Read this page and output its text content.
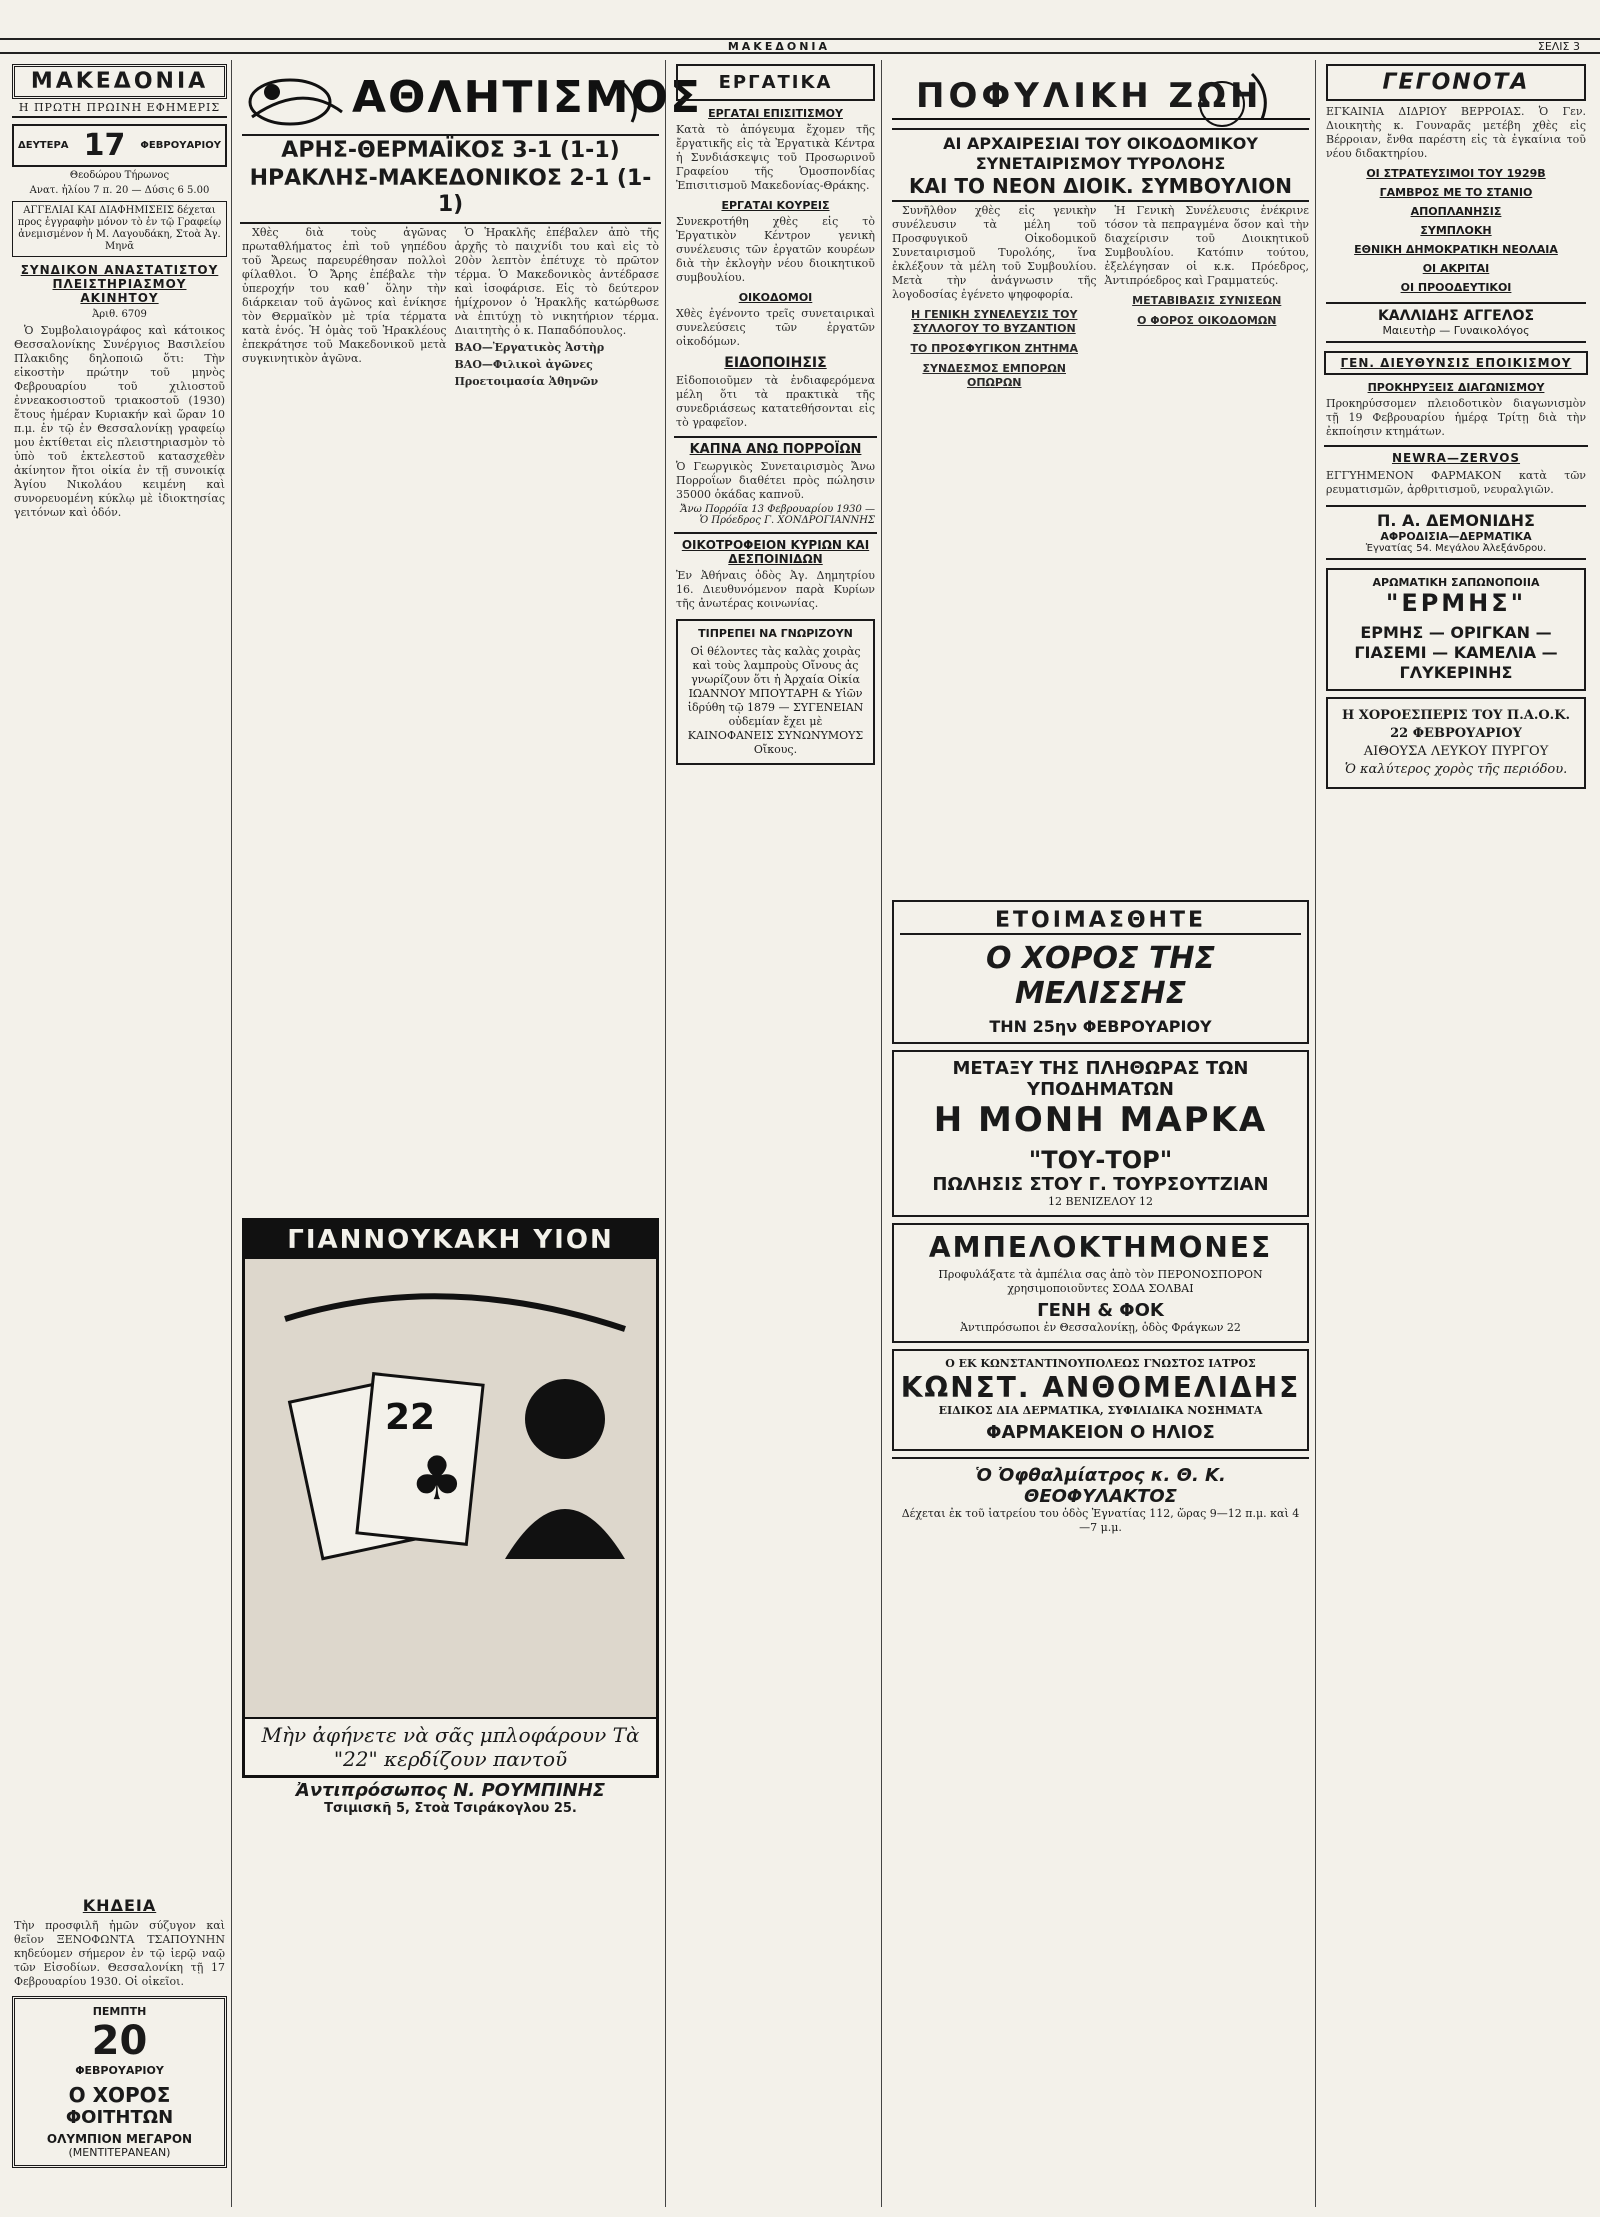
MAKEΔONIA	ΣΕΛΙΣ 3
ΜΑΚΕΔΟΝΙΑ
Η ΠΡΩΤΗ ΠΡΩΙΝΗ ΕΦΗΜΕΡΙΣ
ΔΕΥΤΕΡΑ 17 ΦΕΒΡΟΥΑΡΙΟΥ
Θεοδώρου Τήρωνος
Ανατ. ἡλίου 7 π. 20 — Δύσις 6 5.00
ΑΓΓΕΛΙΑΙ ΚΑΙ ΔΙΑΦΗΜΙΣΕΙΣ δέχεται προς ἐγγραφὴν μόνον τὸ ἐν τῷ Γραφείῳ ἀνεμισμένον ἡ Μ. Λαγουδάκη, Στοὰ Ἀγ. Μηνᾶ
ΣΥΝΔΙΚΟΝ ΑΝΑΣΤΑΤΙΣΤΟΥ ΠΛΕΙΣΤΗΡΙΑΣΜΟΥ ΑΚΙΝΗΤΟΥ
Ἀριθ. 6709

Ὁ Συμβολαιογράφος καὶ κάτοικος Θεσσαλονίκης Συνέργιος Βασιλείου Πλακιδης δηλοποιῶ ὅτι: Τὴν εἰκοστὴν πρώτην τοῦ μηνὸς Φεβρουαρίου τοῦ χιλιοστοῦ ἐννεακοσιοστοῦ τριακοστοῦ (1930) ἔτους ἡμέραν Κυριακήν καὶ ὥραν 10 π.μ. ἐν τῷ ἐν Θεσσαλονίκῃ γραφείῳ μου ἐκτίθεται εἰς πλειστηριασμὸν τὸ ὑπὸ τοῦ ἐκτελεστοῦ κατασχεθὲν ἀκίνητον ἤτοι οἰκία ἐν τῇ συνοικίᾳ Ἀγίου Νικολάου κειμένη καὶ συνορευομένη κύκλῳ μὲ ἰδιοκτησίας γειτόνων καὶ ὁδόν.

ΠΕΜΠΤΗ
20
ΦΕΒΡΟΥΑΡΙΟΥ
Ο ΧΟΡΟΣ
ΦΟΙΤΗΤΩΝ
ΟΛΥΜΠΙΟΝ ΜΕΓΑΡΟΝ
(ΜΕΝΤΙΤΕΡΑΝΕΑΝ)
ΚΗΔΕΙΑ
Τὴν προσφιλῆ ἡμῶν σύζυγον καὶ θεῖον ΞΕΝΟΦΩΝΤΑ ΤΣΑΠΟΥΝΗΝ κηδεύομεν σήμερον ἐν τῷ ἱερῷ ναῷ τῶν Εἰσοδίων. Θεσσαλονίκη τῇ 17 Φεβρουαρίου 1930. Οἱ οἰκεῖοι.
ΑΘΛΗΤΙΣΜΟΣ
ΑΡΗΣ-ΘΕΡΜΑΪΚΟΣ 3-1 (1-1)
ΗΡΑΚΛΗΣ-ΜΑΚΕΔΟΝΙΚΟΣ 2-1 (1-1)

Χθὲς διὰ τοὺς ἀγῶνας πρωταθλήματος ἐπὶ τοῦ γηπέδου τοῦ Ἄρεως παρευρέθησαν πολλοὶ φίλαθλοι. Ὁ Ἄρης ἐπέβαλε τὴν ὑπεροχήν του καθ᾿ ὅλην τὴν διάρκειαν τοῦ ἀγῶνος καὶ ἐνίκησε τὸν Θερμαϊκὸν μὲ τρία τέρματα κατὰ ἑνός. Ἡ ὁμὰς τοῦ Ἡρακλέους ἐπεκράτησε τοῦ Μακεδονικοῦ μετὰ συγκινητικὸν ἀγῶνα.

Ὁ Ἡρακλῆς ἐπέβαλεν ἀπὸ τῆς ἀρχῆς τὸ παιχνίδι του καὶ εἰς τὸ 20ὸν λεπτὸν ἐπέτυχε τὸ πρῶτον τέρμα. Ὁ Μακεδονικὸς ἀντέδρασε καὶ ἰσοφάρισε. Εἰς τὸ δεύτερον ἡμίχρονον ὁ Ἡρακλῆς κατώρθωσε νὰ ἐπιτύχῃ τὸ νικητήριον τέρμα. Διαιτητὴς ὁ κ. Παπαδόπουλος.

ΒΑΟ—Ἐργατικὸς Ἀστὴρ

ΒΑΟ—Φιλικοὶ ἀγῶνες

Προετοιμασία Ἀθηνῶν

ΓΙΑΝΝΟΥΚΑΚΗ ΥΙΟΝ
22
♣
Μὴν ἀφήνετε νὰ σᾶς μπλοφάρουν Τὰ "22" κερδίζουν παντοῦ
Ἀντιπρόσωπος Ν. ΡΟΥΜΠΙΝΗΣ
Τσιμισκῆ 5, Στοὰ Τσιράκογλου 25.
ΕΡΓΑΤΙΚΑ
ΕΡΓΑΤΑΙ ΕΠΙΣΙΤΙΣΜΟΥ
Κατὰ τὸ ἀπόγευμα ἔχομεν τῆς ἔργατικῆς εἰς τὰ Ἐργατικὰ Κέντρα ἡ Συνδιάσκεψις τοῦ Προσωρινοῦ Γραφείου τῆς Ὁμοσπονδίας Ἐπισιτισμοῦ Μακεδονίας-Θράκης.
ΕΡΓΑΤΑΙ ΚΟΥΡΕΙΣ
Συνεκροτήθη χθὲς εἰς τὸ Ἐργατικὸν Κέντρον γενικὴ συνέλευσις τῶν ἐργατῶν κουρέων διὰ τὴν ἐκλογὴν νέου διοικητικοῦ συμβουλίου.
ΟΙΚΟΔΟΜΟΙ
Χθὲς ἐγένοντο τρεῖς συνεταιρικαὶ συνελεύσεις τῶν ἐργατῶν οἰκοδόμων.
ΕΙΔΟΠΟΙΗΣΙΣ
Εἰδοποιοῦμεν τὰ ἐνδιαφερόμενα μέλη ὅτι τὰ πρακτικὰ τῆς συνεδριάσεως κατατεθήσονται εἰς τὸ γραφεῖον.
ΚΑΠΝΑ ΑΝΩ ΠΟΡΡΟΪΩΝ
Ὁ Γεωργικὸς Συνεταιρισμὸς Ἄνω Πορροΐων διαθέτει πρὸς πώλησιν 35000 ὀκάδας καπνοῦ.
Ἄνω Πορρόϊα 13 Φεβρουαρίου 1930 — Ὁ Πρόεδρος Γ. ΧΟΝΔΡΟΓΙΑΝΝΗΣ
ΟΙΚΟΤΡΟΦΕΙΟΝ ΚΥΡΙΩΝ ΚΑΙ ΔΕΣΠΟΙΝΙΔΩΝ
Ἐν Ἀθήναις ὁδὸς Ἀγ. Δημητρίου 16. Διευθυνόμενον παρὰ Κυρίων τῆς ἀνωτέρας κοινωνίας.
ΤΙΠΡΕΠΕΙ ΝΑ ΓΝΩΡΙΖΟΥΝ
Οἱ θέλοντες τὰς καλὰς χοιρὰς καὶ τοὺς λαμπροὺς Οἴνους ἀς γνωρίζουν ὅτι ἡ Ἀρχαία Οἰκία ΙΩΑΝΝΟΥ ΜΠΟΥΤΑΡΗ & Υἱῶν ἱδρύθη τῷ 1879 — ΣΥΓΕΝΕΙΑΝ οὐδεμίαν ἔχει μὲ ΚΑΙΝΟΦΑΝΕΙΣ ΣΥΝΩΝΥΜΟΥΣ Οἴκους.
ΠΟΦΥΛΙΚΗ ΖΩΗ
ΑΙ ΑΡΧΑΙΡΕΣΙΑΙ ΤΟΥ ΟΙΚΟΔΟΜΙΚΟΥ ΣΥΝΕΤΑΙΡΙΣΜΟΥ ΤΥΡΟΛΟΗΣ
ΚΑΙ ΤΟ ΝΕΟΝ ΔΙΟΙΚ. ΣΥΜΒΟΥΛΙΟΝ

Συνῆλθον χθὲς εἰς γενικὴν συνέλευσιν τὰ μέλη τοῦ Προσφυγικοῦ Οἰκοδομικοῦ Συνεταιρισμοῦ Τυρολόης, ἵνα ἐκλέξουν τὰ μέλη τοῦ Συμβουλίου. Μετὰ τὴν ἀνάγνωσιν τῆς λογοδοσίας ἐγένετο ψηφοφορία.

Η ΓΕΝΙΚΗ ΣΥΝΕΛΕΥΣΙΣ ΤΟΥ ΣΥΛΛΟΓΟΥ ΤΟ ΒΥΖΑΝΤΙΟΝ
ΤΟ ΠΡΟΣΦΥΓΙΚΟΝ ΖΗΤΗΜΑ
ΣΥΝΔΕΣΜΟΣ ΕΜΠΟΡΩΝ ΟΠΩΡΩΝ

Ἡ Γενικὴ Συνέλευσις ἐνέκρινε τόσον τὰ πεπραγμένα ὅσον καὶ τὴν διαχείρισιν τοῦ Διοικητικοῦ Συμβουλίου. Κατόπιν τούτου, ἐξελέγησαν οἱ κ.κ. Πρόεδρος, Ἀντιπρόεδρος καὶ Γραμματεύς.

ΜΕΤΑΒΙΒΑΣΙΣ ΣΥΝΙΣΕΩΝ
Ο ΦΟΡΟΣ ΟΙΚΟΔΟΜΩΝ
ΕΤΟΙΜΑΣΘΗΤΕ
Ο ΧΟΡΟΣ ΤΗΣ ΜΕΛΙΣΣΗΣ
ΤΗΝ 25ην ΦΕΒΡΟΥΑΡΙΟΥ
ΜΕΤΑΞΥ ΤΗΣ ΠΛΗΘΩΡΑΣ ΤΩΝ ΥΠΟΔΗΜΑΤΩΝ
Η ΜΟΝΗ ΜΑΡΚΑ
"ΤΟΥ-ΤΟΡ"
ΠΩΛΗΣΙΣ ΣΤΟΥ Γ. ΤΟΥΡΣΟΥΤΖΙΑΝ
12 ΒΕΝΙΖΕΛΟΥ 12
ΑΜΠΕΛΟΚΤΗΜΟΝΕΣ
Προφυλάξατε τὰ ἀμπέλια σας ἀπὸ τὸν ΠΕΡΟΝΟΣΠΟΡΟΝ χρησιμοποιοῦντες ΣΟΔΑ ΣΟΛΒΑΙ
ΓΕΝΗ & ΦΟΚ
Ἀντιπρόσωποι ἐν Θεσσαλονίκῃ, ὁδὸς Φράγκων 22
Ο ΕΚ ΚΩΝΣΤΑΝΤΙΝΟΥΠΟΛΕΩΣ ΓΝΩΣΤΟΣ ΙΑΤΡΟΣ
ΚΩΝΣΤ. ΑΝΘΟΜΕΛΙΔΗΣ
ΕΙΔΙΚΟΣ ΔΙΑ ΔΕΡΜΑΤΙΚΑ, ΣΥΦΙΛΙΔΙΚΑ ΝΟΣΗΜΑΤΑ
ΦΑΡΜΑΚΕΙΟΝ Ο ΗΛΙΟΣ
Ὁ Ὀφθαλμίατρος κ. Θ. Κ. ΘΕΟΦΥΛΑΚΤΟΣ
Δέχεται ἐκ τοῦ ἰατρείου του ὁδὸς Ἐγνατίας 112, ὥρας 9—12 π.μ. καὶ 4—7 μ.μ.
ΓΕΓΟΝΟΤΑ
ΕΓΚΑΙΝΙΑ ΔΙΔΡΙΟΥ ΒΕΡΡΟΙΑΣ. Ὁ Γεν. Διοικητὴς κ. Γουναρᾶς μετέβη χθὲς εἰς Βέρροιαν, ἔνθα παρέστη εἰς τὰ ἐγκαίνια τοῦ νέου διδακτηρίου.
ΟΙ ΣΤΡΑΤΕΥΣΙΜΟΙ ΤΟΥ 1929Β
ΓΑΜΒΡΟΣ ΜΕ ΤΟ ΣΤΑΝΙΟ
ΑΠΟΠΛΑΝΗΣΙΣ
ΣΥΜΠΛΟΚΗ
ΕΘΝΙΚΗ ΔΗΜΟΚΡΑΤΙΚΗ ΝΕΟΛΑΙΑ
ΟΙ ΑΚΡΙΤΑΙ
ΟΙ ΠΡΟΟΔΕΥΤΙΚΟΙ
ΚΑΛΛΙΔΗΣ ΑΓΓΕΛΟΣ
Μαιευτὴρ — Γυναικολόγος
ΓΕΝ. ΔΙΕΥΘΥΝΣΙΣ ΕΠΟΙΚΙΣΜΟΥ
ΠΡΟΚΗΡΥΞΕΙΣ ΔΙΑΓΩΝΙΣΜΟΥ
Προκηρύσσομεν πλειοδοτικὸν διαγωνισμὸν τῇ 19 Φεβρουαρίου ἡμέρᾳ Τρίτῃ διὰ τὴν ἐκποίησιν κτημάτων.
NEWRA—ZERVOS
ΕΓΓΥΗΜΕΝΟΝ ΦΑΡΜΑΚΟΝ κατὰ τῶν ρευματισμῶν, ἀρθριτισμοῦ, νευραλγιῶν.
Π. Α. ΔΕΜΟΝΙΔΗΣ
ΑΦΡΟΔΙΣΙΑ—ΔΕΡΜΑΤΙΚΑ
Ἐγνατίας 54. Μεγάλου Ἀλεξάνδρου.
ΑΡΩΜΑΤΙΚΗ ΣΑΠΩΝΟΠΟΙΙΑ
"ΕΡΜΗΣ"
ΕΡΜΗΣ — ΟΡΙΓΚΑΝ — ΓΙΑΣΕΜΙ — ΚΑΜΕΛΙΑ — ΓΛΥΚΕΡΙΝΗΣ
Η ΧΟΡΟΕΣΠΕΡΙΣ ΤΟΥ Π.Α.Ο.Κ.
22 ΦΕΒΡΟΥΑΡΙΟΥ
ΑΙΘΟΥΣΑ ΛΕΥΚΟΥ ΠΥΡΓΟΥ
Ὁ καλύτερος χορὸς τῆς περιόδου.
